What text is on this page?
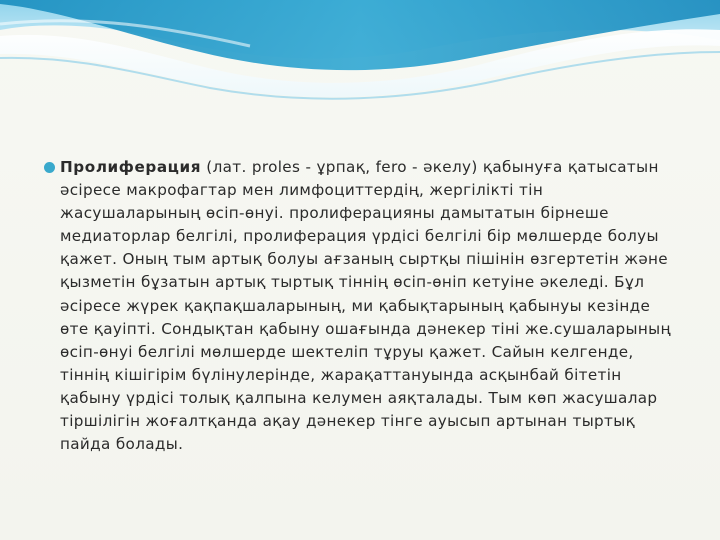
Пролиферация (лат. proles - ұрпақ, fero - әкелу) қабынуға қатысатын әсіресе макрофагтар мен лимфоциттердің, жергілікті тін жасушаларының өсіп-өнуі. пролиферацияны дамытатын бірнеше медиаторлар белгілі, пролиферация үрдісі белгілі бір мөлшерде болуы қажет. Оның тым артық болуы ағзаның сыртқы пішінін өзгертетін және қызметін бұзатын артық тыртық тіннің өсіп-өніп кетуіне әкеледі. Бұл әсіресе жүрек қақпақшаларының, ми қабықтарының қабынуы кезінде өте қауіпті. Сондықтан қабыну ошағында дәнекер тіні же.сушаларының өсіп-өнуі белгілі мөлшерде шектеліп тұруы қажет. Сайын келгенде, тіннің кішігірім бүлінулерінде, жарақаттануында асқынбай бітетін қабыну үрдісі толық қалпына келумен аяқталады. Тым көп жасушалар тіршілігін жоғалтқанда ақау дәнекер тінге ауысып артынан тыртық пайда болады.
